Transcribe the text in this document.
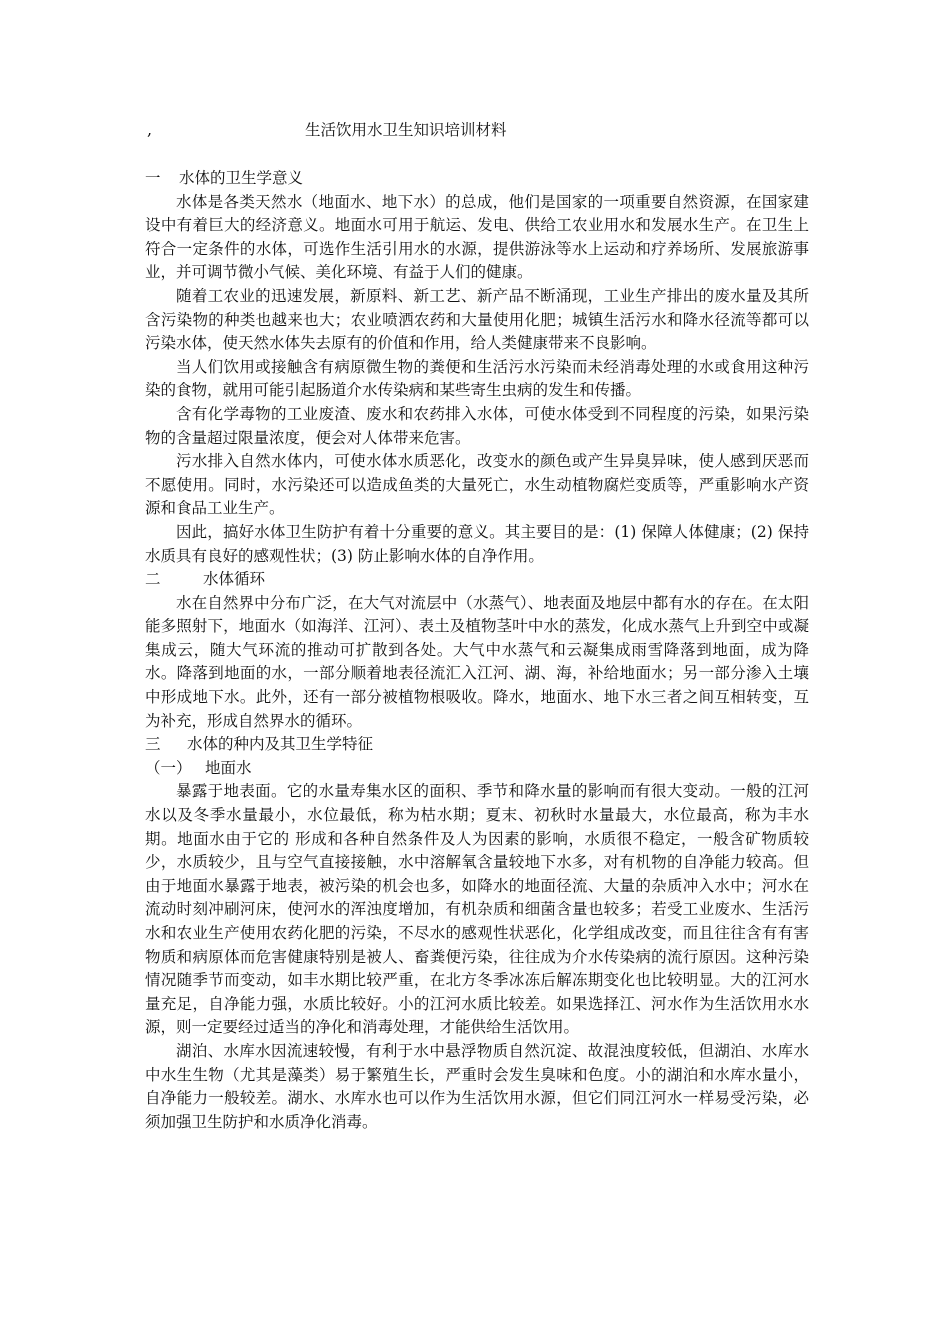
,	生活饮用水卫生知识培训材料

一 水体的卫生学意义

水体是各类天然水（地面水、地下水）的总成，他们是国家的一项重要自然资源，在国家建设中有着巨大的经济意义。地面水可用于航运、发电、供给工农业用水和发展水生产。在卫生上符合一定条件的水体，可选作生活引用水的水源，提供游泳等水上运动和疗养场所、发展旅游事业，并可调节微小气候、美化环境、有益于人们的健康。

随着工农业的迅速发展，新原料、新工艺、新产品不断涌现，工业生产排出的废水量及其所含污染物的种类也越来也大；农业喷洒农药和大量使用化肥；城镇生活污水和降水径流等都可以污染水体，使天然水体失去原有的价值和作用，给人类健康带来不良影响。

当人们饮用或接触含有病原微生物的粪便和生活污水污染而未经消毒处理的水或食用这种污染的食物，就用可能引起肠道介水传染病和某些寄生虫病的发生和传播。

含有化学毒物的工业废渣、废水和农药排入水体，可使水体受到不同程度的污染，如果污染物的含量超过限量浓度，便会对人体带来危害。

污水排入自然水体内，可使水体水质恶化，改变水的颜色或产生异臭异味，使人感到厌恶而不愿使用。同时，水污染还可以造成鱼类的大量死亡，水生动植物腐烂变质等，严重影响水产资源和食品工业生产。

因此，搞好水体卫生防护有着十分重要的意义。其主要目的是：(1) 保障人体健康；(2) 保持水质具有良好的感观性状；(3) 防止影响水体的自净作用。

二	水体循环

水在自然界中分布广泛，在大气对流层中（水蒸气）、地表面及地层中都有水的存在。在太阳能多照射下，地面水（如海洋、江河）、表土及植物茎叶中水的蒸发，化成水蒸气上升到空中或凝集成云，随大气环流的推动可扩散到各处。大气中水蒸气和云凝集成雨雪降落到地面，成为降水。降落到地面的水，一部分顺着地表径流汇入江河、湖、海，补给地面水；另一部分渗入土壤中形成地下水。此外，还有一部分被植物根吸收。降水，地面水、地下水三者之间互相转变，互为补充，形成自然界水的循环。

三 水体的种内及其卫生学特征

（一） 地面水

暴露于地表面。它的水量寿集水区的面积、季节和降水量的影响而有很大变动。一般的江河水以及冬季水量最小，水位最低，称为枯水期；夏末、初秋时水量最大，水位最高，称为丰水期。地面水由于它的 形成和各种自然条件及人为因素的影响，水质很不稳定，一般含矿物质较少，水质较少，且与空气直接接触，水中溶解氧含量较地下水多，对有机物的自净能力较高。但由于地面水暴露于地表，被污染的机会也多，如降水的地面径流、大量的杂质冲入水中；河水在流动时刻冲刷河床，使河水的浑浊度增加，有机杂质和细菌含量也较多；若受工业废水、生活污水和农业生产使用农药化肥的污染，不尽水的感观性状恶化，化学组成改变，而且往往含有有害物质和病原体而危害健康特别是被人、畜粪便污染，往往成为介水传染病的流行原因。这种污染情况随季节而变动，如丰水期比较严重，在北方冬季冰冻后解冻期变化也比较明显。大的江河水量充足，自净能力强，水质比较好。小的江河水质比较差。如果选择江、河水作为生活饮用水水源，则一定要经过适当的净化和消毒处理，才能供给生活饮用。

湖泊、水库水因流速较慢，有利于水中悬浮物质自然沉淀、故混浊度较低，但湖泊、水库水中水生生物（尤其是藻类）易于繁殖生长，严重时会发生臭味和色度。小的湖泊和水库水量小，自净能力一般较差。湖水、水库水也可以作为生活饮用水源，但它们同江河水一样易受污染，必须加强卫生防护和水质净化消毒。
